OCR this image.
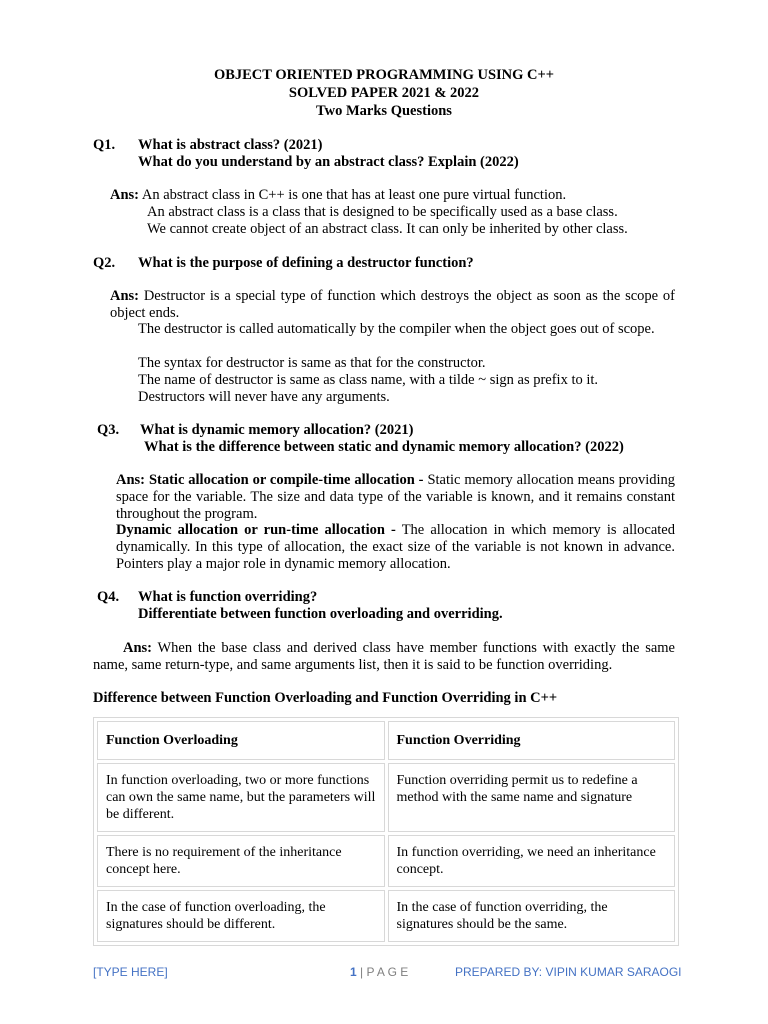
OBJECT ORIENTED PROGRAMMING USING C++
SOLVED PAPER 2021 & 2022
Two Marks Questions
Q1. What is abstract class? (2021)
What do you understand by an abstract class? Explain (2022)
Ans: An abstract class in C++ is one that has at least one pure virtual function.
An abstract class is a class that is designed to be specifically used as a base class.
We cannot create object of an abstract class. It can only be inherited by other class.
Q2. What is the purpose of defining a destructor function?
Ans: Destructor is a special type of function which destroys the object as soon as the scope of object ends.
The destructor is called automatically by the compiler when the object goes out of scope.
The syntax for destructor is same as that for the constructor.
The name of destructor is same as class name, with a tilde ~ sign as prefix to it.
Destructors will never have any arguments.
Q3. What is dynamic memory allocation? (2021)
What is the difference between static and dynamic memory allocation? (2022)
Ans: Static allocation or compile-time allocation - Static memory allocation means providing space for the variable. The size and data type of the variable is known, and it remains constant throughout the program.
Dynamic allocation or run-time allocation - The allocation in which memory is allocated dynamically. In this type of allocation, the exact size of the variable is not known in advance. Pointers play a major role in dynamic memory allocation.
Q4. What is function overriding?
Differentiate between function overloading and overriding.
Ans: When the base class and derived class have member functions with exactly the same name, same return-type, and same arguments list, then it is said to be function overriding.
Difference between Function Overloading and Function Overriding in C++
Function Overloading	Function Overriding
In function overloading, two or more functions can own the same name, but the parameters will be different.	Function overriding permit us to redefine a method with the same name and signature
There is no requirement of the inheritance concept here.	In function overriding, we need an inheritance concept.
In the case of function overloading, the signatures should be different.	In the case of function overriding, the signatures should be the same.
[TYPE HERE]	1 | P A G E	PREPARED BY: VIPIN KUMAR SARAOGI
